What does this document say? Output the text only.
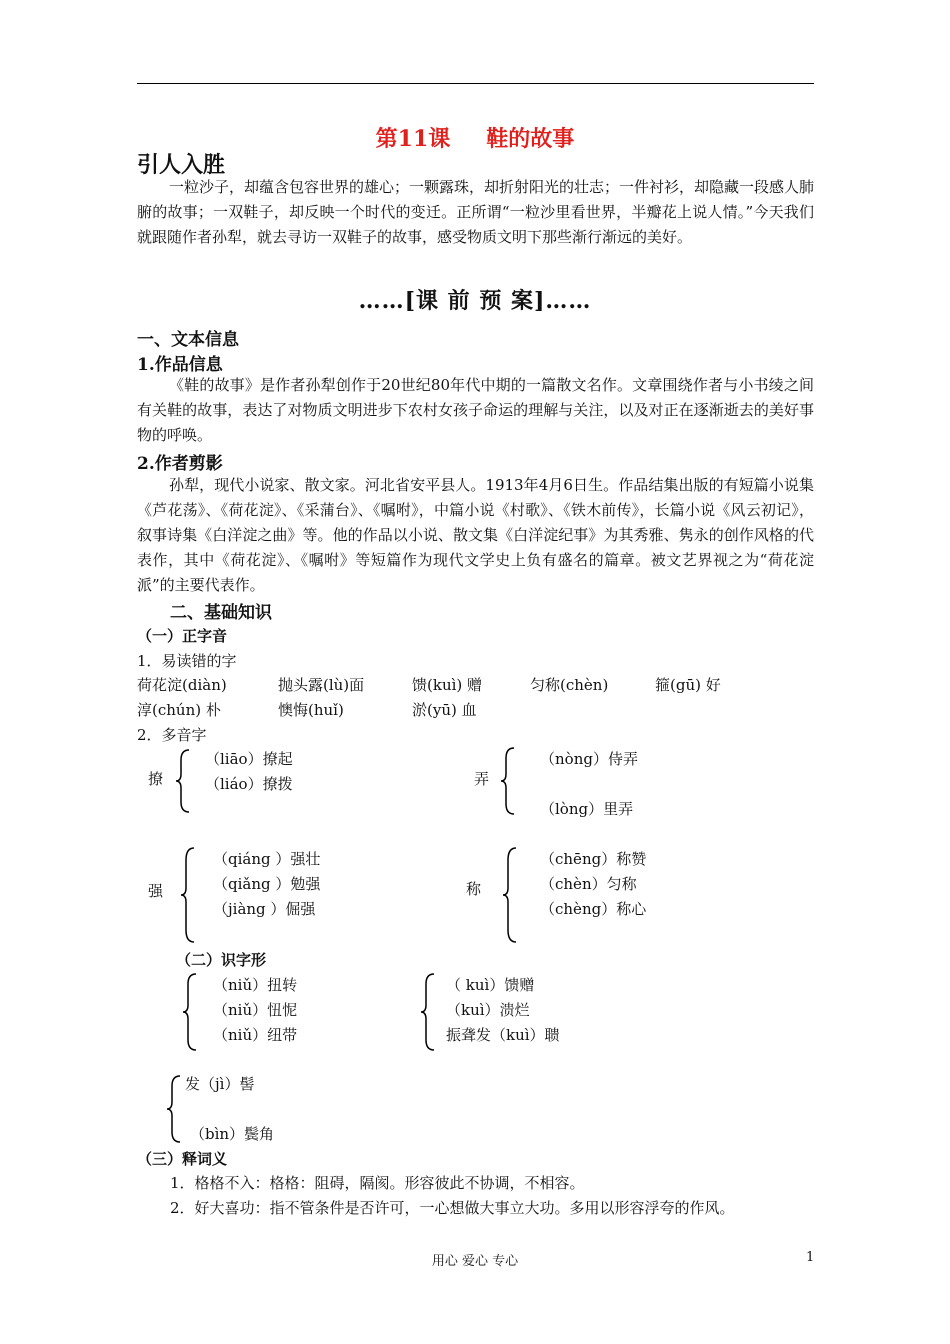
第11课 鞋的故事
引人入胜
一粒沙子，却蕴含包容世界的雄心；一颗露珠，却折射阳光的壮志；一件衬衫，却隐藏一段感人肺腑的故事；一双鞋子，却反映一个时代的变迁。正所谓“一粒沙里看世界，半瓣花上说人情。”今天我们就跟随作者孙犁，就去寻访一双鞋子的故事，感受物质文明下那些渐行渐远的美好。
……[课 前 预 案]……
一、文本信息
1.作品信息
《鞋的故事》是作者孙犁创作于20世纪80年代中期的一篇散文名作。文章围绕作者与小书绫之间有关鞋的故事，表达了对物质文明进步下农村女孩子命运的理解与关注，以及对正在逐渐逝去的美好事物的呼唤。
2.作者剪影
孙犁，现代小说家、散文家。河北省安平县人。1913年4月6日生。作品结集出版的有短篇小说集《芦花荡》、《荷花淀》、《采蒲台》、《嘱咐》，中篇小说《村歌》、《铁木前传》，长篇小说《风云初记》，叙事诗集《白洋淀之曲》等。他的作品以小说、散文集《白洋淀纪事》为其秀雅、隽永的创作风格的代表作，其中《荷花淀》、《嘱咐》等短篇作为现代文学史上负有盛名的篇章。被文艺界视之为“荷花淀派”的主要代表作。
二、基础知识
（一）正字音
1．易读错的字
荷花淀(diàn)	抛头露(lù)面	馈(kuì) 赠	匀称(chèn)	箍(gū) 好
淳(chún) 朴	懊悔(huǐ)	淤(yū) 血
2．多音字
撩
（liāo）撩起
（liáo）撩拨	弄
（nòng）侍弄
（lòng）里弄
强
（qiáng ）强壮
（qiǎng ）勉强
（jiàng ）倔强
称
（chēng）称赞
（chèn）匀称
（chèng）称心
（二）识字形
（niǔ）扭转
（niǔ）忸怩
（niǔ）纽带
（ kuì）馈赠
（kuì）溃烂
振聋发（kuì）聩
发（jì）髻
（bìn）鬓角
（三）释词义
1．格格不入：格格：阻碍，隔阂。形容彼此不协调，不相容。
2．好大喜功：指不管条件是否许可，一心想做大事立大功。多用以形容浮夸的作风。
用心 爱心 专心	1
